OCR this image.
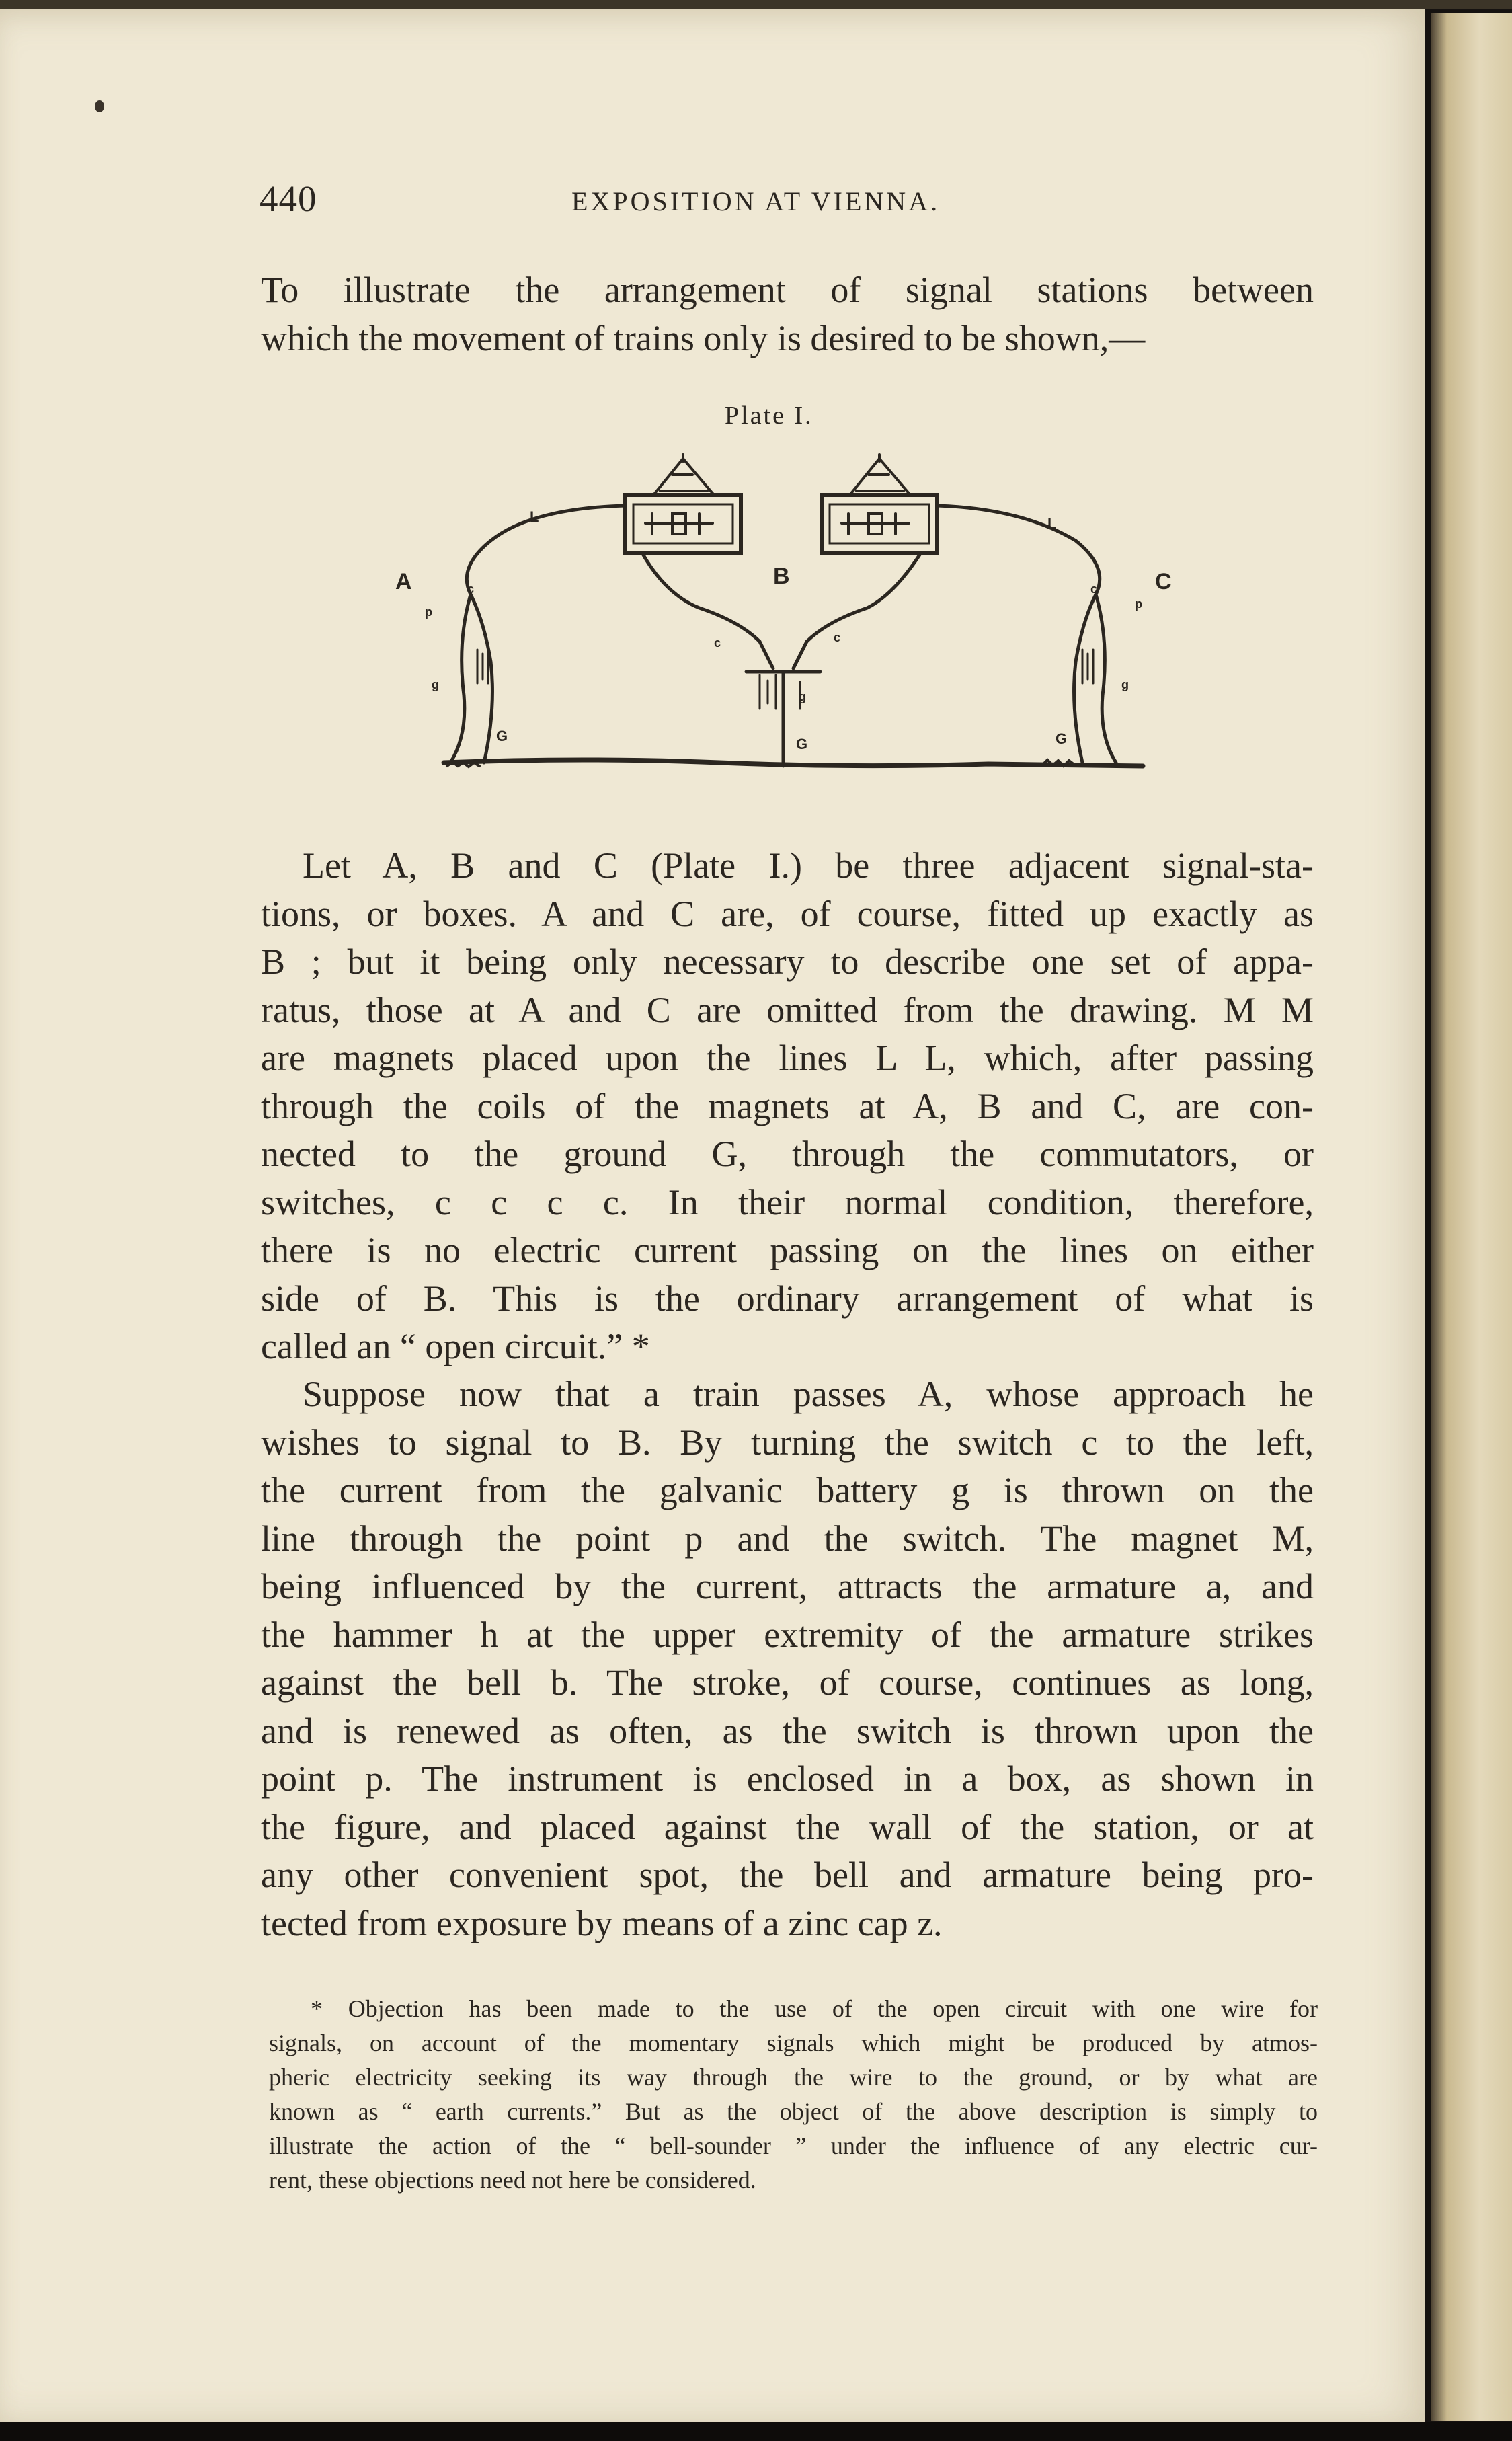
440	EXPOSITION AT VIENNA.

To illustrate the arrangement of signal stations between
which the movement of trains only is desired to be shown,—

Plate I.
A	B	C
L	L
G	G	G
c
c	c
c
p
p
g
g
g

Let A, B and C (Plate I.) be three adjacent signal-sta-
tions, or boxes. A and C are, of course, fitted up exactly as
B ; but it being only necessary to describe one set of appa-
ratus, those at A and C are omitted from the drawing. M M
are magnets placed upon the lines L L, which, after passing
through the coils of the magnets at A, B and C, are con-
nected to the ground G, through the commutators, or
switches, c c c c. In their normal condition, therefore,
there is no electric current passing on the lines on either
side of B. This is the ordinary arrangement of what is
called an “ open circuit.” *

Suppose now that a train passes A, whose approach he
wishes to signal to B. By turning the switch c to the left,
the current from the galvanic battery g is thrown on the
line through the point p and the switch. The magnet M,
being influenced by the current, attracts the armature a, and
the hammer h at the upper extremity of the armature strikes
against the bell b. The stroke, of course, continues as long,
and is renewed as often, as the switch is thrown upon the
point p. The instrument is enclosed in a box, as shown in
the figure, and placed against the wall of the station, or at
any other convenient spot, the bell and armature being pro-
tected from exposure by means of a zinc cap z.

* Objection has been made to the use of the open circuit with one wire for
signals, on account of the momentary signals which might be produced by atmos-
pheric electricity seeking its way through the wire to the ground, or by what are
known as “ earth currents.” But as the object of the above description is simply to
illustrate the action of the “ bell-sounder ” under the influence of any electric cur-
rent, these objections need not here be considered.
